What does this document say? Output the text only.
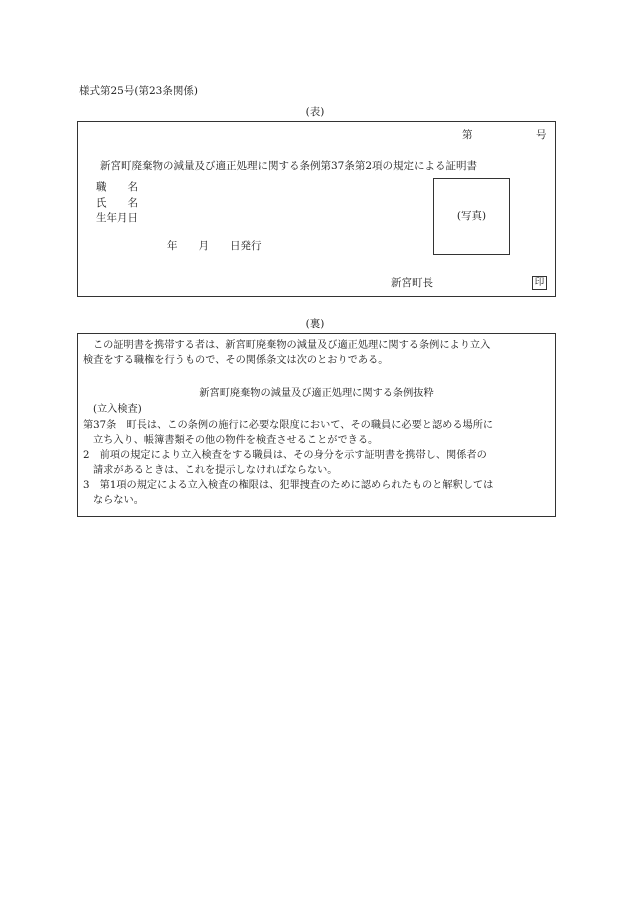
様式第25号(第23条関係)
(表)
第	号
新宮町廃棄物の減量及び適正処理に関する条例第37条第2項の規定による証明書
職　　名
氏　　名
生年月日
年　　月　　日発行
(写真)
新宮町長	印
(裏)
この証明書を携帯する者は、新宮町廃棄物の減量及び適正処理に関する条例により立入
検査をする職権を行うもので、その関係条文は次のとおりである。
新宮町廃棄物の減量及び適正処理に関する条例抜粋
(立入検査)
第37条　町長は、この条例の施行に必要な限度において、その職員に必要と認める場所に
立ち入り、帳簿書類その他の物件を検査させることができる。
2　前項の規定により立入検査をする職員は、その身分を示す証明書を携帯し、関係者の
請求があるときは、これを提示しなければならない。
3　第1項の規定による立入検査の権限は、犯罪捜査のために認められたものと解釈しては
ならない。
